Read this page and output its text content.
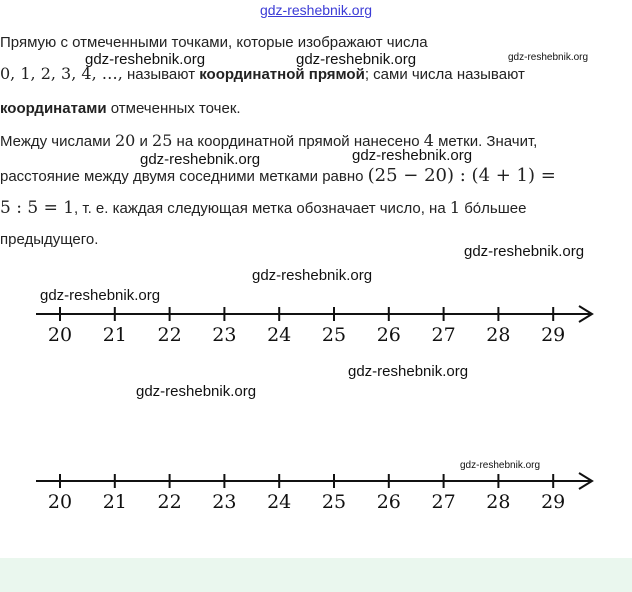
gdz-reshebnik.org
Прямую с отмеченными точками, которые изображают числа
0, 1, 2, 3, 4, …, называют координатной прямой; сами числа называют
координатами отмеченных точек.
Между числами 20 и 25 на координатной прямой нанесено 4 метки. Значит,
расстояние между двумя соседними метками равно (25 − 20) : (4 + 1) =
5 : 5 = 1, т. е. каждая следующая метка обозначает число, на 1 бо́льшее
предыдущего.
20 21 22 23 24 25 26 27 28 29
20 21 22 23 24 25 26 27 28 29
gdz-reshebnik.org	gdz-reshebnik.org	gdz-reshebnik.org
gdz-reshebnik.org	gdz-reshebnik.org
gdz-reshebnik.org
gdz-reshebnik.org
gdz-reshebnik.org
gdz-reshebnik.org
gdz-reshebnik.org
gdz-reshebnik.org
